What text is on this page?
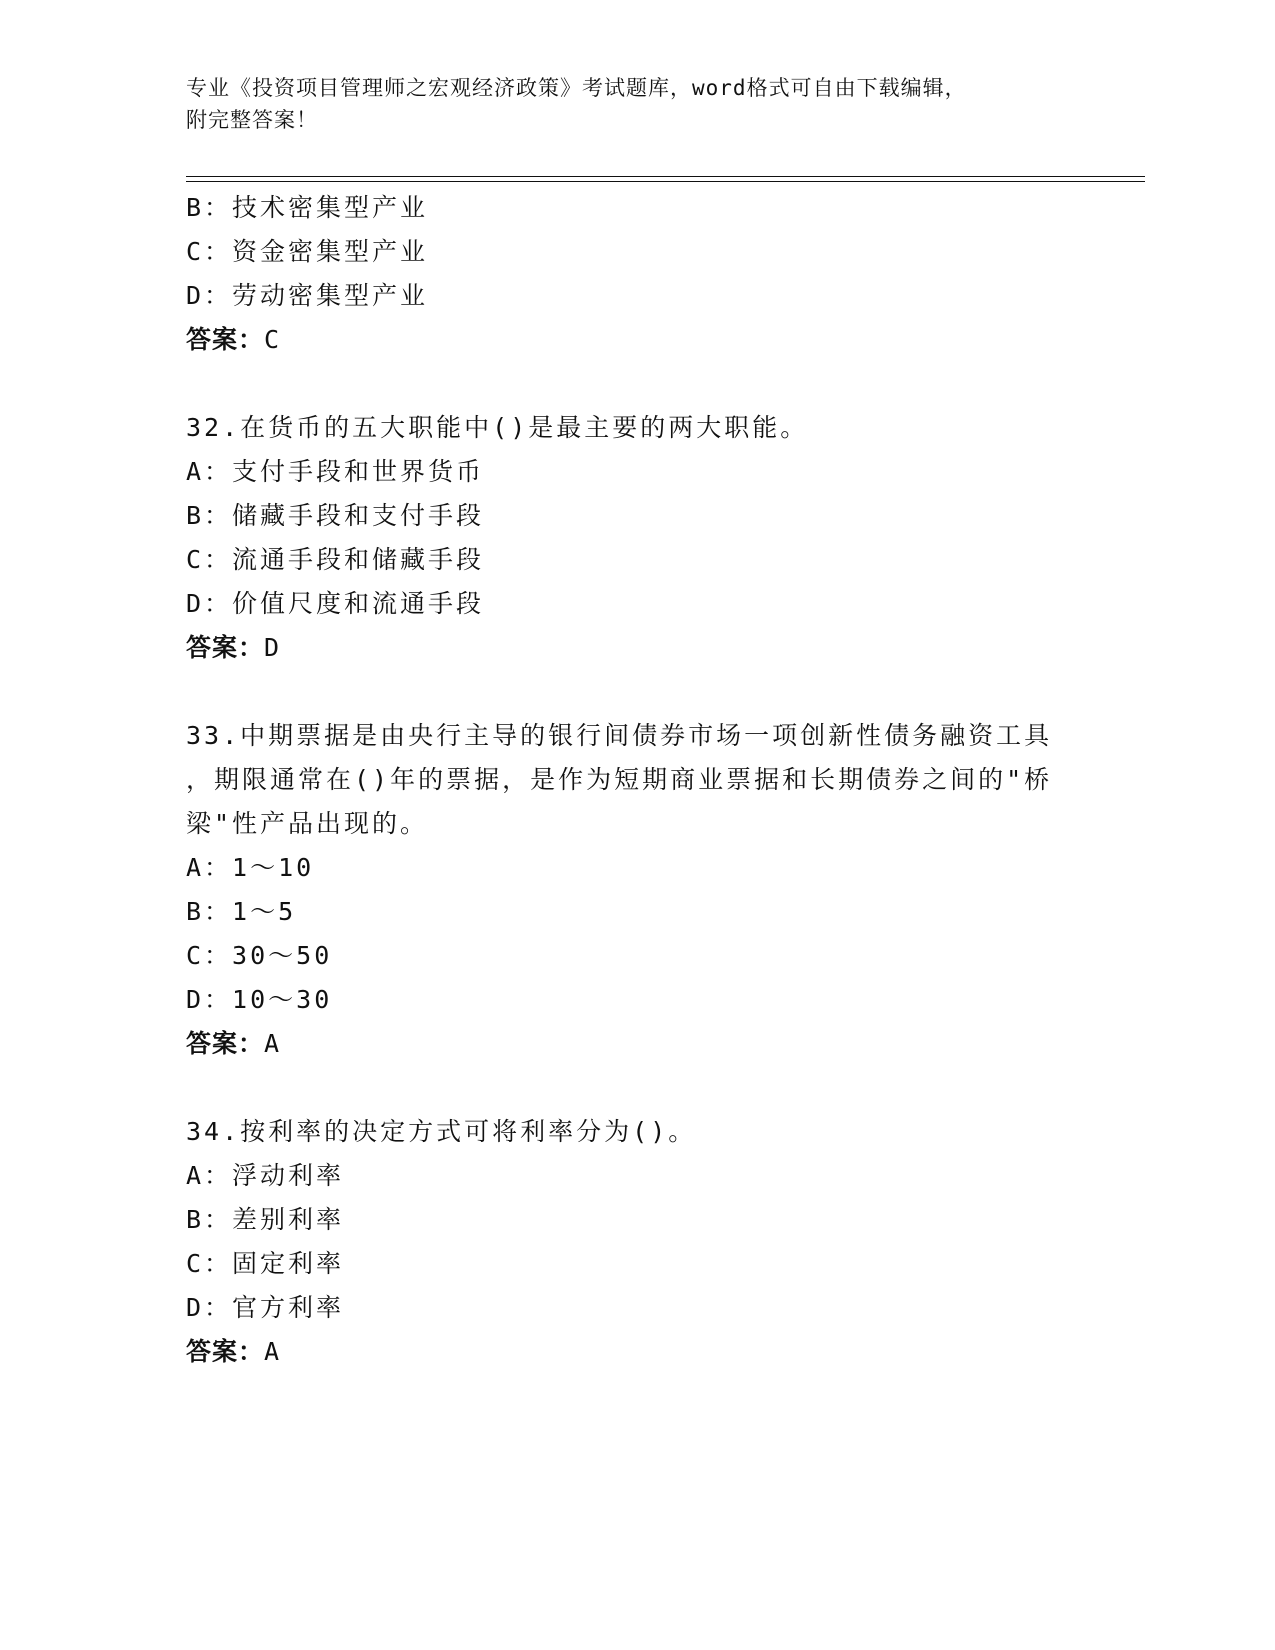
专业《投资项目管理师之宏观经济政策》考试题库，word格式可自由下载编辑，
附完整答案！
B：技术密集型产业
C：资金密集型产业
D：劳动密集型产业
答案：C
32.在货币的五大职能中()是最主要的两大职能。
A：支付手段和世界货币
B：储藏手段和支付手段
C：流通手段和储藏手段
D：价值尺度和流通手段
答案：D
33.中期票据是由央行主导的银行间债券市场一项创新性债务融资工具
，期限通常在()年的票据，是作为短期商业票据和长期债券之间的"桥
梁"性产品出现的。
A：1～10
B：1～5
C：30～50
D：10～30
答案：A
34.按利率的决定方式可将利率分为()。
A：浮动利率
B：差别利率
C：固定利率
D：官方利率
答案：A
